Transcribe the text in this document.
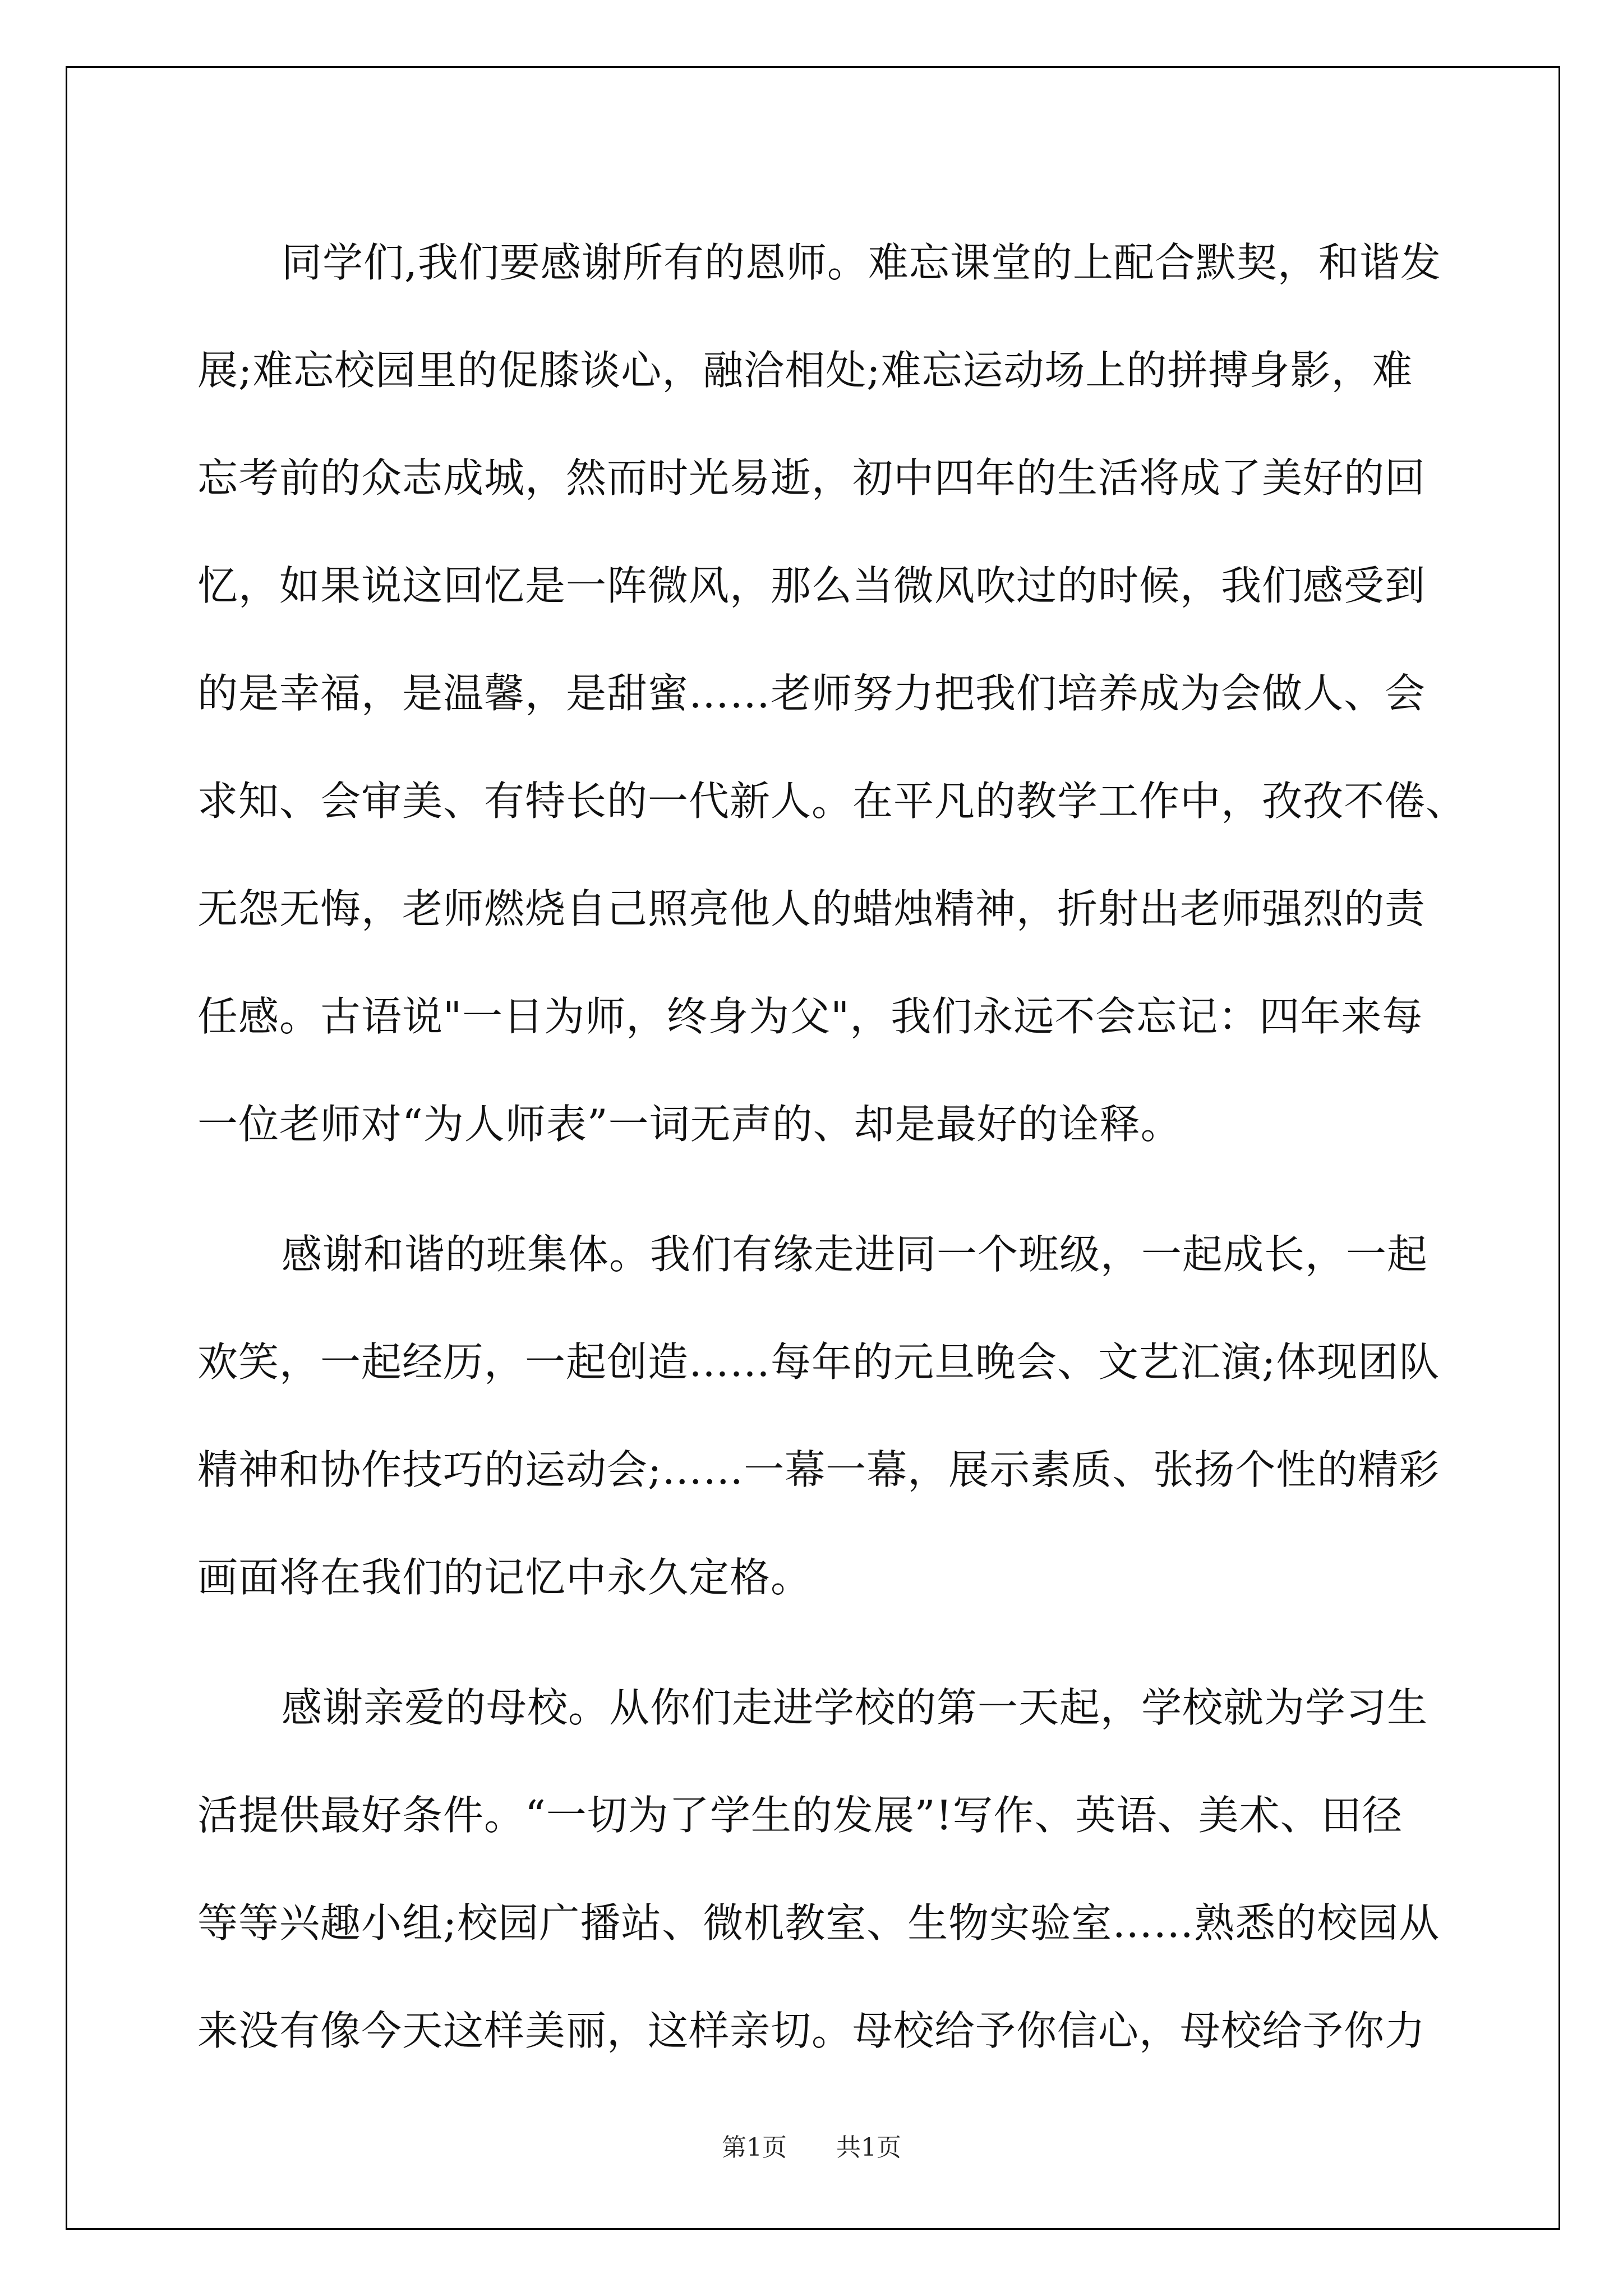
同学们,我们要感谢所有的恩师。难忘课堂的上配合默契，和谐发
展;难忘校园里的促膝谈心，融洽相处;难忘运动场上的拼搏身影，难
忘考前的众志成城，然而时光易逝，初中四年的生活将成了美好的回
忆，如果说这回忆是一阵微风，那么当微风吹过的时候，我们感受到
的是幸福，是温馨，是甜蜜……老师努力把我们培养成为会做人、会
求知、会审美、有特长的一代新人。在平凡的教学工作中，孜孜不倦、
无怨无悔，老师燃烧自己照亮他人的蜡烛精神，折射出老师强烈的责
任感。古语说"一日为师，终身为父"，我们永远不会忘记：四年来每
一位老师对“为人师表”一词无声的、却是最好的诠释。
感谢和谐的班集体。我们有缘走进同一个班级，一起成长，一起
欢笑，一起经历，一起创造……每年的元旦晚会、文艺汇演;体现团队
精神和协作技巧的运动会;……一幕一幕，展示素质、张扬个性的精彩
画面将在我们的记忆中永久定格。
感谢亲爱的母校。从你们走进学校的第一天起，学校就为学习生
活提供最好条件。“一切为了学生的发展”!写作、英语、美术、田径
等等兴趣小组;校园广播站、微机教室、生物实验室……熟悉的校园从
来没有像今天这样美丽，这样亲切。母校给予你信心，母校给予你力
第1页 共1页
